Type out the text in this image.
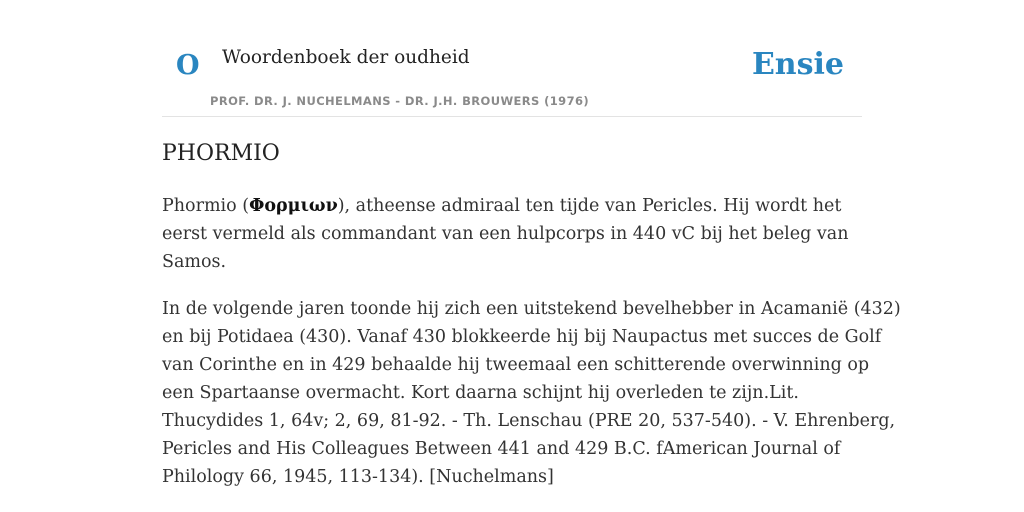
O Woordenboek der oudheid
PROF. DR. J. NUCHELMANS - DR. J.H. BROUWERS (1976)
Ensie
PHORMIO

Phormio (Φορμιων), atheense admiraal ten tijde van Pericles. Hij wordt het
eerst vermeld als commandant van een hulpcorps in 440 vC bij het beleg van
Samos.

In de volgende jaren toonde hij zich een uitstekend bevelhebber in Acamanië (432)
en bij Potidaea (430). Vanaf 430 blokkeerde hij bij Naupactus met succes de Golf
van Corinthe en in 429 behaalde hij tweemaal een schitterende overwinning op
een Spartaanse overmacht. Kort daarna schijnt hij overleden te zijn.Lit.
Thucydides 1, 64v; 2, 69, 81-92. - Th. Lenschau (PRE 20, 537-540). - V. Ehrenberg,
Pericles and His Colleagues Between 441 and 429 B.C. fAmerican Journal of
Philology 66, 1945, 113-134). [Nuchelmans]
